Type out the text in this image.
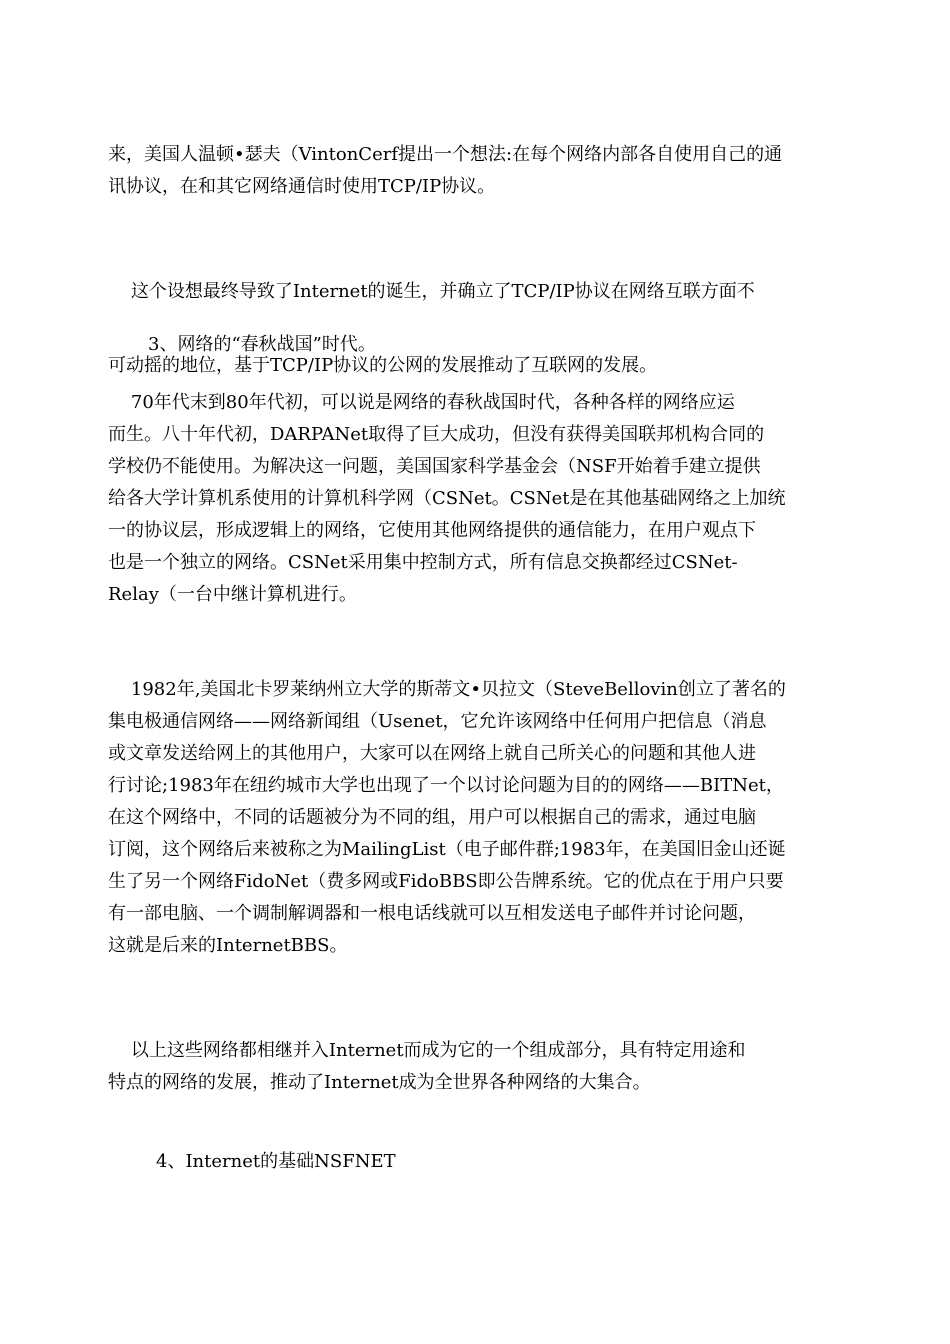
来，美国人温顿•瑟夫（VintonCerf提出一个想法:在每个网络内部各自使用自己的通
讯协议，在和其它网络通信时使用TCP/IP协议。

这个设想最终导致了Internet的诞生，并确立了TCP/IP协议在网络互联方面不

可动摇的地位，基于TCP/IP协议的公网的发展推动了互联网的发展。

3、网络的“春秋战国”时代。
70年代末到80年代初，可以说是网络的春秋战国时代，各种各样的网络应运
而生。八十年代初，DARPANet取得了巨大成功，但没有获得美国联邦机构合同的
学校仍不能使用。为解决这一问题，美国国家科学基金会（NSF开始着手建立提供
给各大学计算机系使用的计算机科学网（CSNet。CSNet是在其他基础网络之上加统
一的协议层，形成逻辑上的网络，它使用其他网络提供的通信能力，在用户观点下
也是一个独立的网络。CSNet采用集中控制方式，所有信息交换都经过CSNet-
Relay（一台中继计算机进行。
1982年,美国北卡罗莱纳州立大学的斯蒂文•贝拉文（SteveBellovin创立了著名的
集电极通信网络——网络新闻组（Usenet，它允许该网络中任何用户把信息（消息
或文章发送给网上的其他用户，大家可以在网络上就自己所关心的问题和其他人进
行讨论;1983年在纽约城市大学也出现了一个以讨论问题为目的的网络——BITNet，
在这个网络中，不同的话题被分为不同的组，用户可以根据自己的需求，通过电脑
订阅，这个网络后来被称之为MailingList（电子邮件群;1983年，在美国旧金山还诞
生了另一个网络FidoNet（费多网或FidoBBS即公告牌系统。它的优点在于用户只要
有一部电脑、一个调制解调器和一根电话线就可以互相发送电子邮件并讨论问题，
这就是后来的InternetBBS。
以上这些网络都相继并入Internet而成为它的一个组成部分，具有特定用途和
特点的网络的发展，推动了Internet成为全世界各种网络的大集合。
4、Internet的基础NSFNET
